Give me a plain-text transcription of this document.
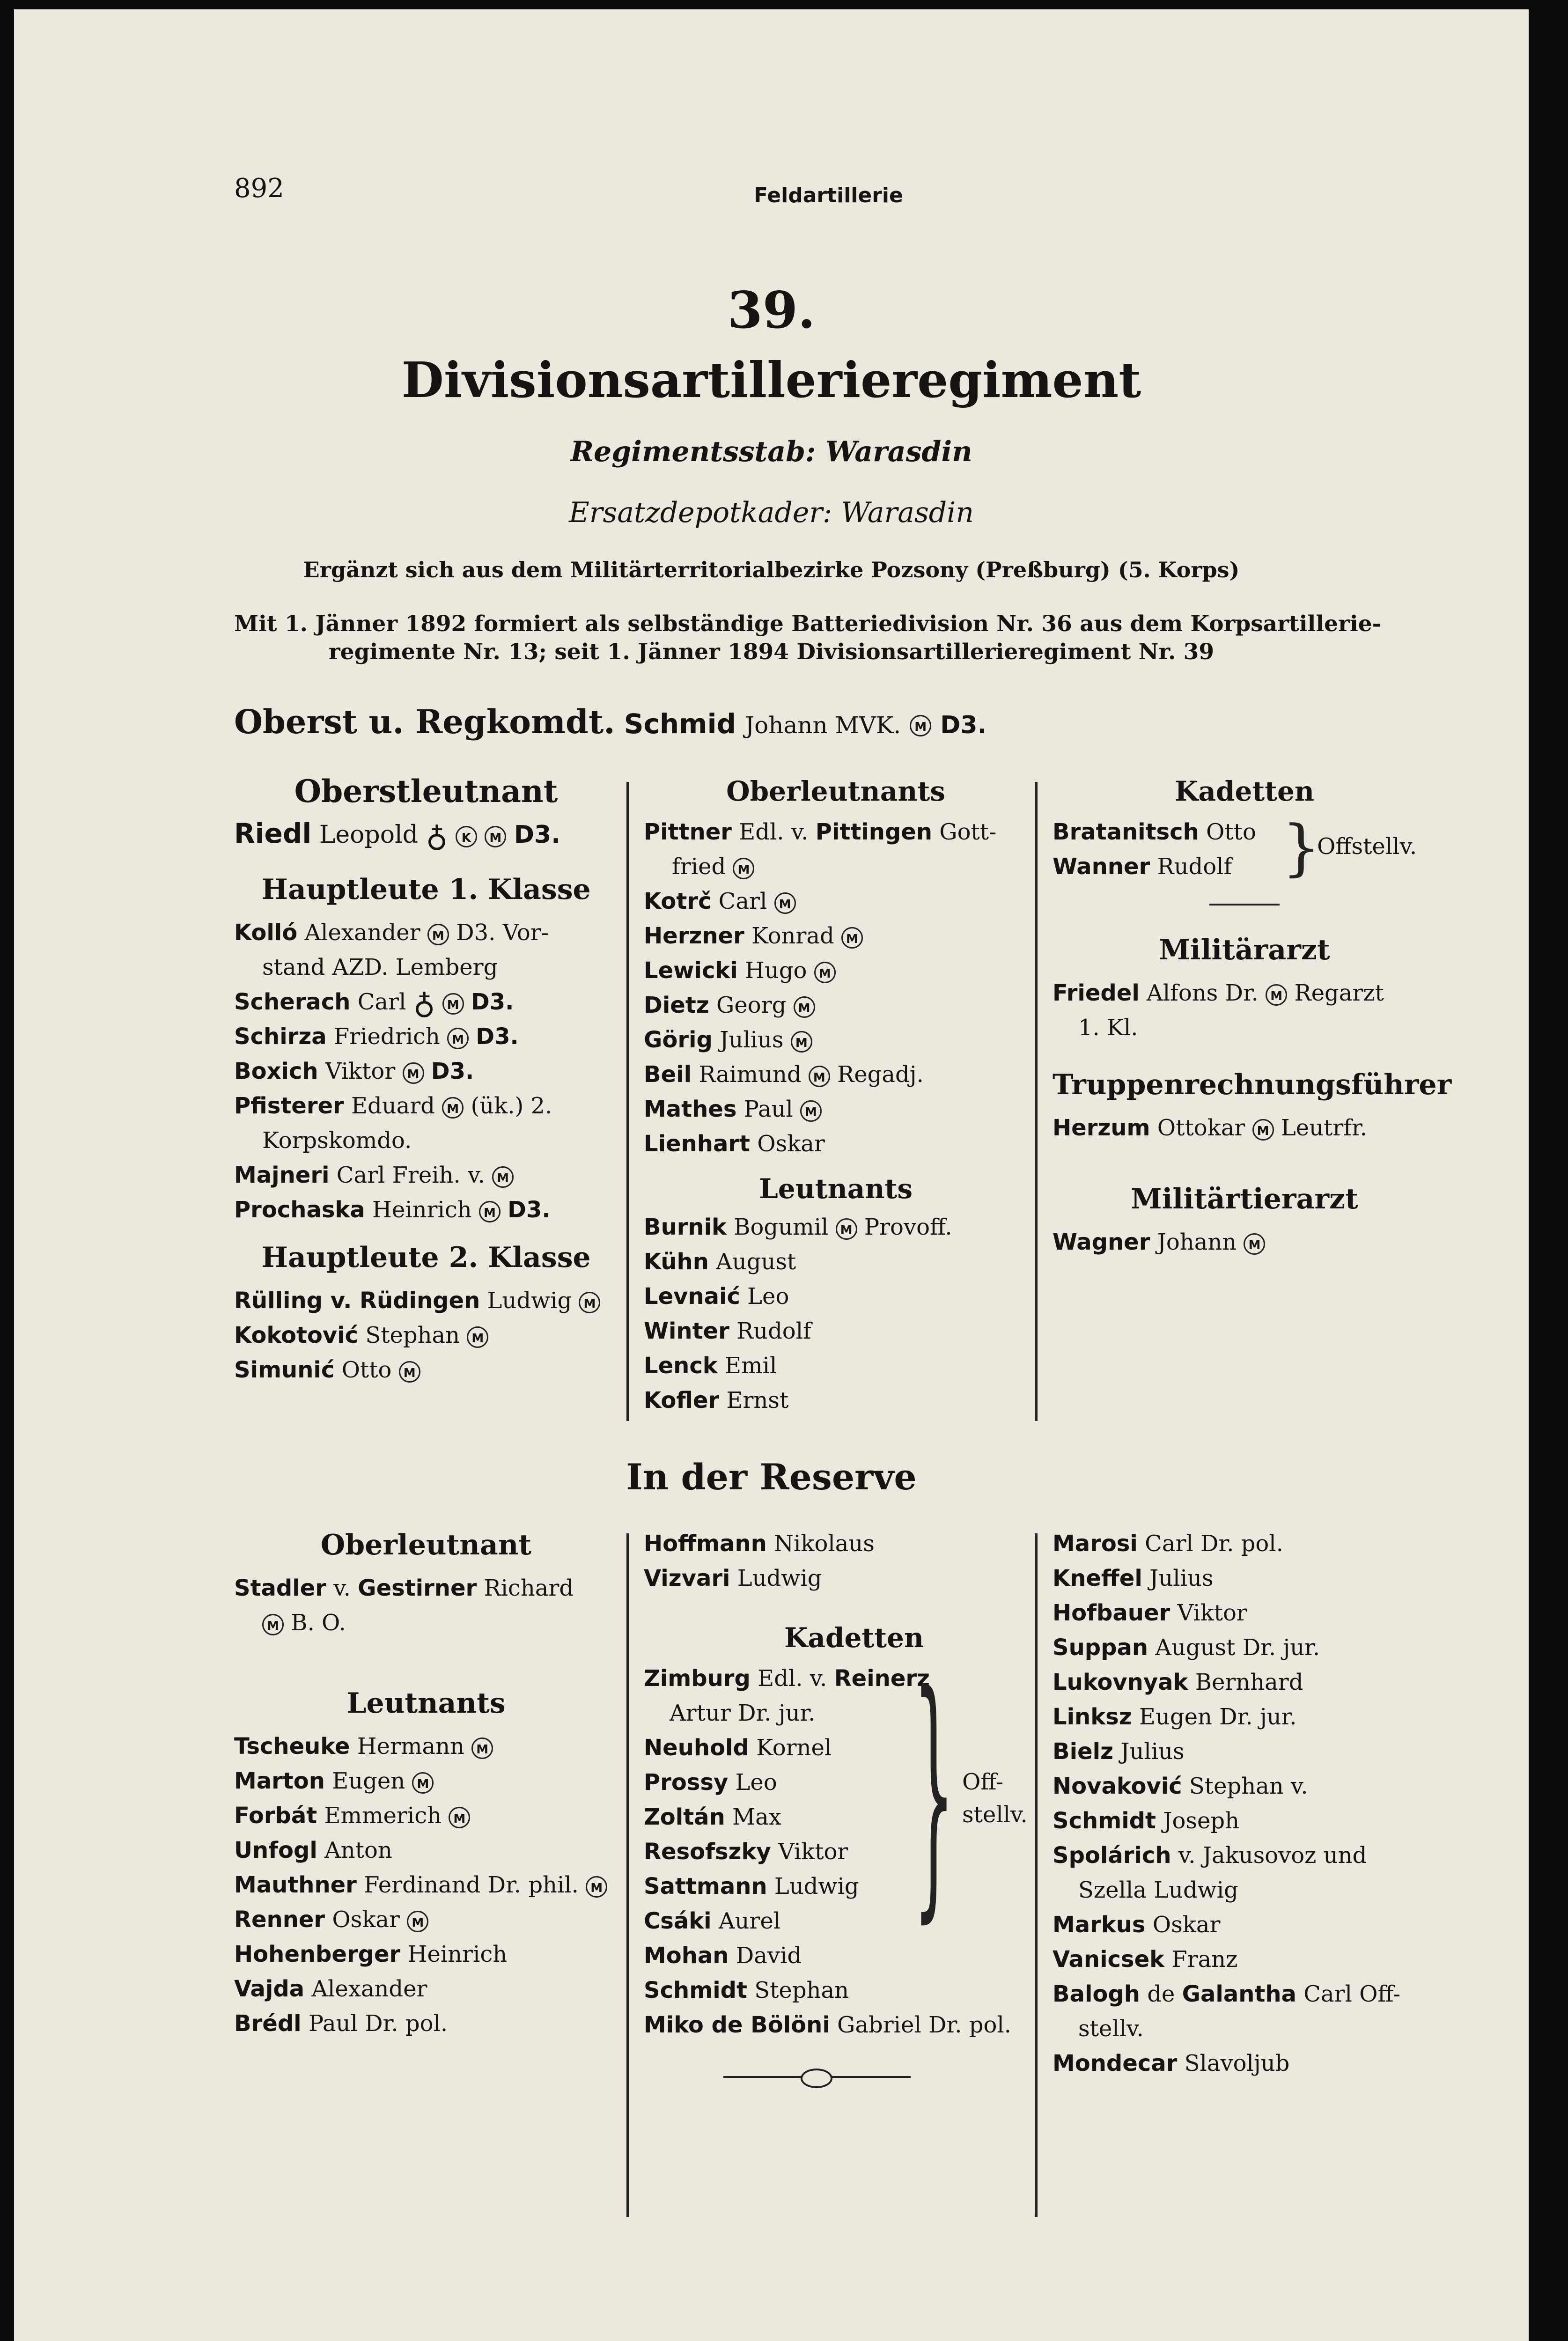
892	Feldartillerie
39.
Divisionsartillerieregiment
Regimentsstab: Warasdin
Ersatzdepotkader: Warasdin
Ergänzt sich aus dem Militärterritorialbezirke Pozsony (Preßburg) (5. Korps)
Mit 1. Jänner 1892 formiert als selbständige Batteriedivision Nr. 36 aus dem Korpsartillerie-
regimente Nr. 13; seit 1. Jänner 1894 Divisionsartillerieregiment Nr. 39
Oberst u. Regkomdt. Schmid Johann MVK. M D3.
Oberstleutnant
Riedl Leopold ♁ K M D3.
Hauptleute 1. Klasse
Kolló Alexander M D3. Vor-
stand AZD. Lemberg
Scherach Carl ♁ M D3.
Schirza Friedrich M D3.
Boxich Viktor M D3.
Pfisterer Eduard M (ük.) 2.
Korpskomdo.
Majneri Carl Freih. v. M
Prochaska Heinrich M D3.
Hauptleute 2. Klasse
Rülling v. Rüdingen Ludwig M
Kokotović Stephan M
Simunić Otto M
Oberleutnants
Pittner Edl. v. Pittingen Gott-
fried M
Kotrč Carl M
Herzner Konrad M
Lewicki Hugo M
Dietz Georg M
Görig Julius M
Beil Raimund M Regadj.
Mathes Paul M
Lienhart Oskar
Leutnants
Burnik Bogumil M Provoff.
Kühn August
Levnaić Leo
Winter Rudolf
Lenck Emil
Kofler Ernst
Kadetten
Bratanitsch Otto
Wanner Rudolf }
Offstellv.
Militärarzt
Friedel Alfons Dr. M Regarzt
1. Kl.
Truppenrechnungsführer
Herzum Ottokar M Leutrfr.
Militärtierarzt
Wagner Johann M
In der Reserve
Oberleutnant
Stadler v. Gestirner Richard
M B. O.
Leutnants
Tscheuke Hermann M
Marton Eugen M
Forbát Emmerich M
Unfogl Anton
Mauthner Ferdinand Dr. phil. M
Renner Oskar M
Hohenberger Heinrich
Vajda Alexander
Brédl Paul Dr. pol.
Hoffmann Nikolaus
Vizvari Ludwig
Kadetten
Zimburg Edl. v. Reinerz
Artur Dr. jur.
Neuhold Kornel
Prossy Leo
Zoltán Max
Resofszky Viktor
Sattmann Ludwig
Csáki Aurel
Mohan David
Schmidt Stephan
Miko de Bölöni Gabriel Dr. pol.
} Off-
stellv.
Marosi Carl Dr. pol.
Kneffel Julius
Hofbauer Viktor
Suppan August Dr. jur.
Lukovnyak Bernhard
Linksz Eugen Dr. jur.
Bielz Julius
Novaković Stephan v.
Schmidt Joseph
Spolárich v. Jakusovoz und
Szella Ludwig
Markus Oskar
Vanicsek Franz
Balogh de Galantha Carl Off-
stellv.
Mondecar Slavoljub
